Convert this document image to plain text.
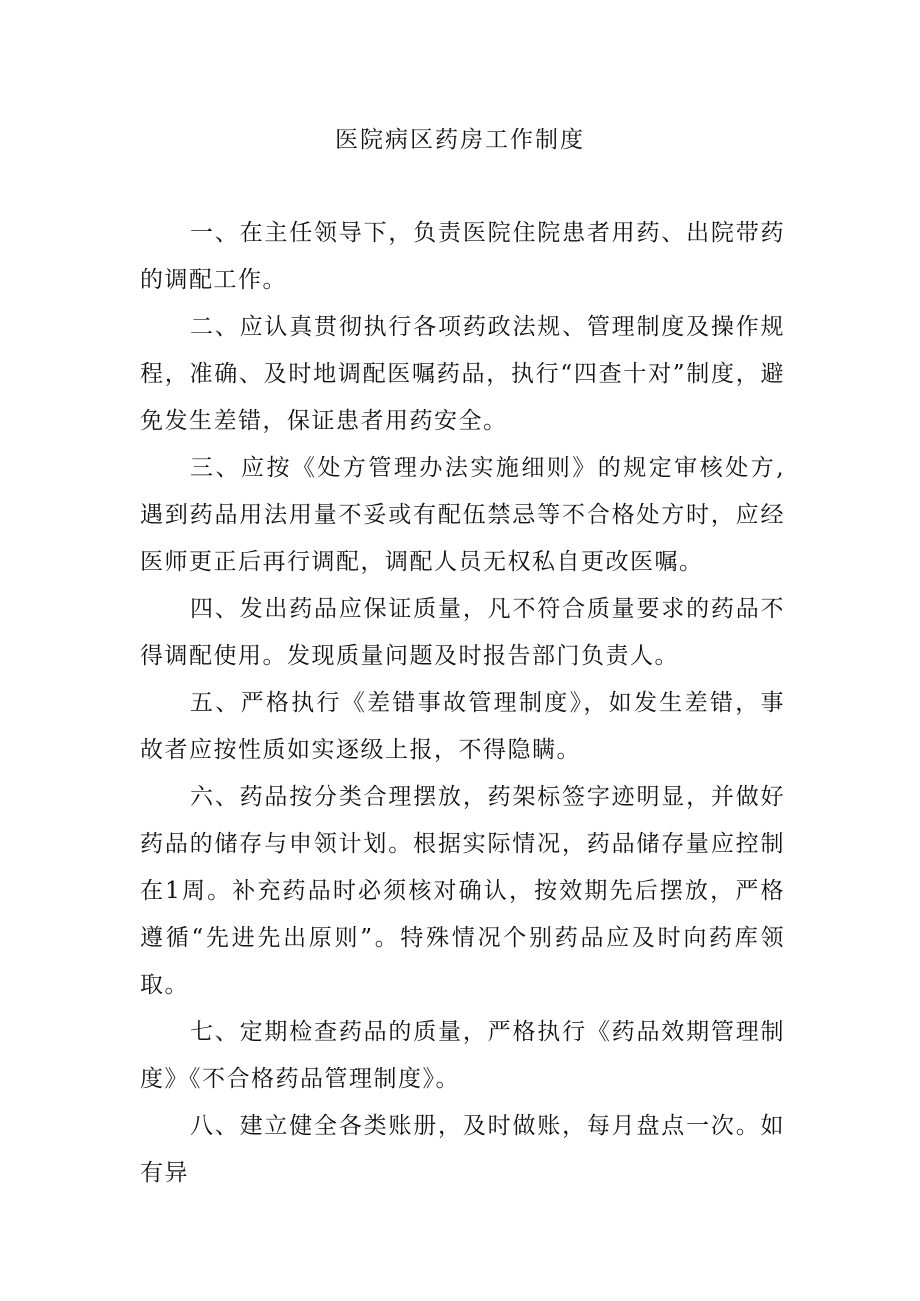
医院病区药房工作制度

一、在主任领导下，负责医院住院患者用药、出院带药的调配工作。

二、应认真贯彻执行各项药政法规、管理制度及操作规程，准确、及时地调配医嘱药品，执行“四查十对”制度，避免发生差错，保证患者用药安全。

三、应按《处方管理办法实施细则》的规定审核处方,遇到药品用法用量不妥或有配伍禁忌等不合格处方时，应经医师更正后再行调配，调配人员无权私自更改医嘱。

四、发出药品应保证质量，凡不符合质量要求的药品不得调配使用。发现质量问题及时报告部门负责人。

五、严格执行《差错事故管理制度》，如发生差错，事故者应按性质如实逐级上报，不得隐瞒。

六、药品按分类合理摆放，药架标签字迹明显，并做好药品的储存与申领计划。根据实际情况，药品储存量应控制在1周。补充药品时必须核对确认，按效期先后摆放，严格遵循“先进先出原则”。特殊情况个别药品应及时向药库领取。

七、定期检查药品的质量，严格执行《药品效期管理制度》《不合格药品管理制度》。

八、建立健全各类账册，及时做账，每月盘点一次。如有异
